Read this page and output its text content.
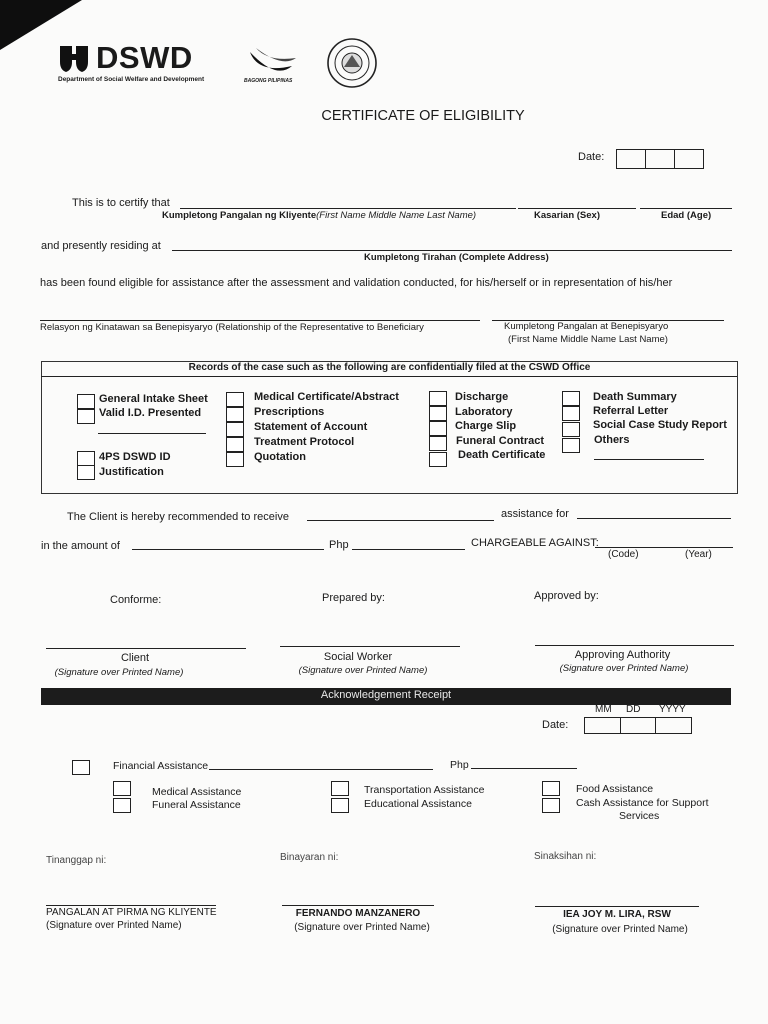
DSWD
Department of Social Welfare and Development	BAGONG PILIPINAS
CERTIFICATE OF ELIGIBILITY
Date:
This is to certify that
Kumpletong Pangalan ng Kliyente(First Name Middle Name Last Name)	Kasarian (Sex)	Edad (Age)
and presently residing at
Kumpletong Tirahan (Complete Address)
has been found eligible for assistance after the assessment and validation conducted, for his/herself or in representation of his/her
Relasyon ng Kinatawan sa Benepisyaryo (Relationship of the Representative to Beneficiary	Kumpletong Pangalan at Benepisyaryo
(First Name Middle Name Last Name)
Records of the case such as the following are confidentially filed at the CSWD Office
General Intake Sheet
Valid I.D. Presented
4PS DSWD ID
Justification
Medical Certificate/Abstract
Prescriptions
Statement of Account
Treatment Protocol
Quotation
Discharge
Laboratory
Charge Slip
Funeral Contract
Death Certificate
Death Summary
Referral Letter
Social Case Study Report
Others
The Client is hereby recommended to receive	assistance for
in the amount of	Php	CHARGEABLE AGAINST:
(Code)	(Year)
Conforme:	Prepared by:	Approved by:
Client	Social Worker	Approving Authority
(Signature over Printed Name)	(Signature over Printed Name)	(Signature over Printed Name)
Acknowledgement Receipt
MM DD YYYY
Date:
Financial Assistance	Php
Medical Assistance
Funeral Assistance
Transportation Assistance
Educational Assistance
Food Assistance
Cash Assistance for Support
Services
Tinanggap ni:	Binayaran ni:	Sinaksihan ni:
PANGALAN AT PIRMA NG KLIYENTE	FERNANDO MANZANERO	IEA JOY M. LIRA, RSW
(Signature over Printed Name)	(Signature over Printed Name)	(Signature over Printed Name)
